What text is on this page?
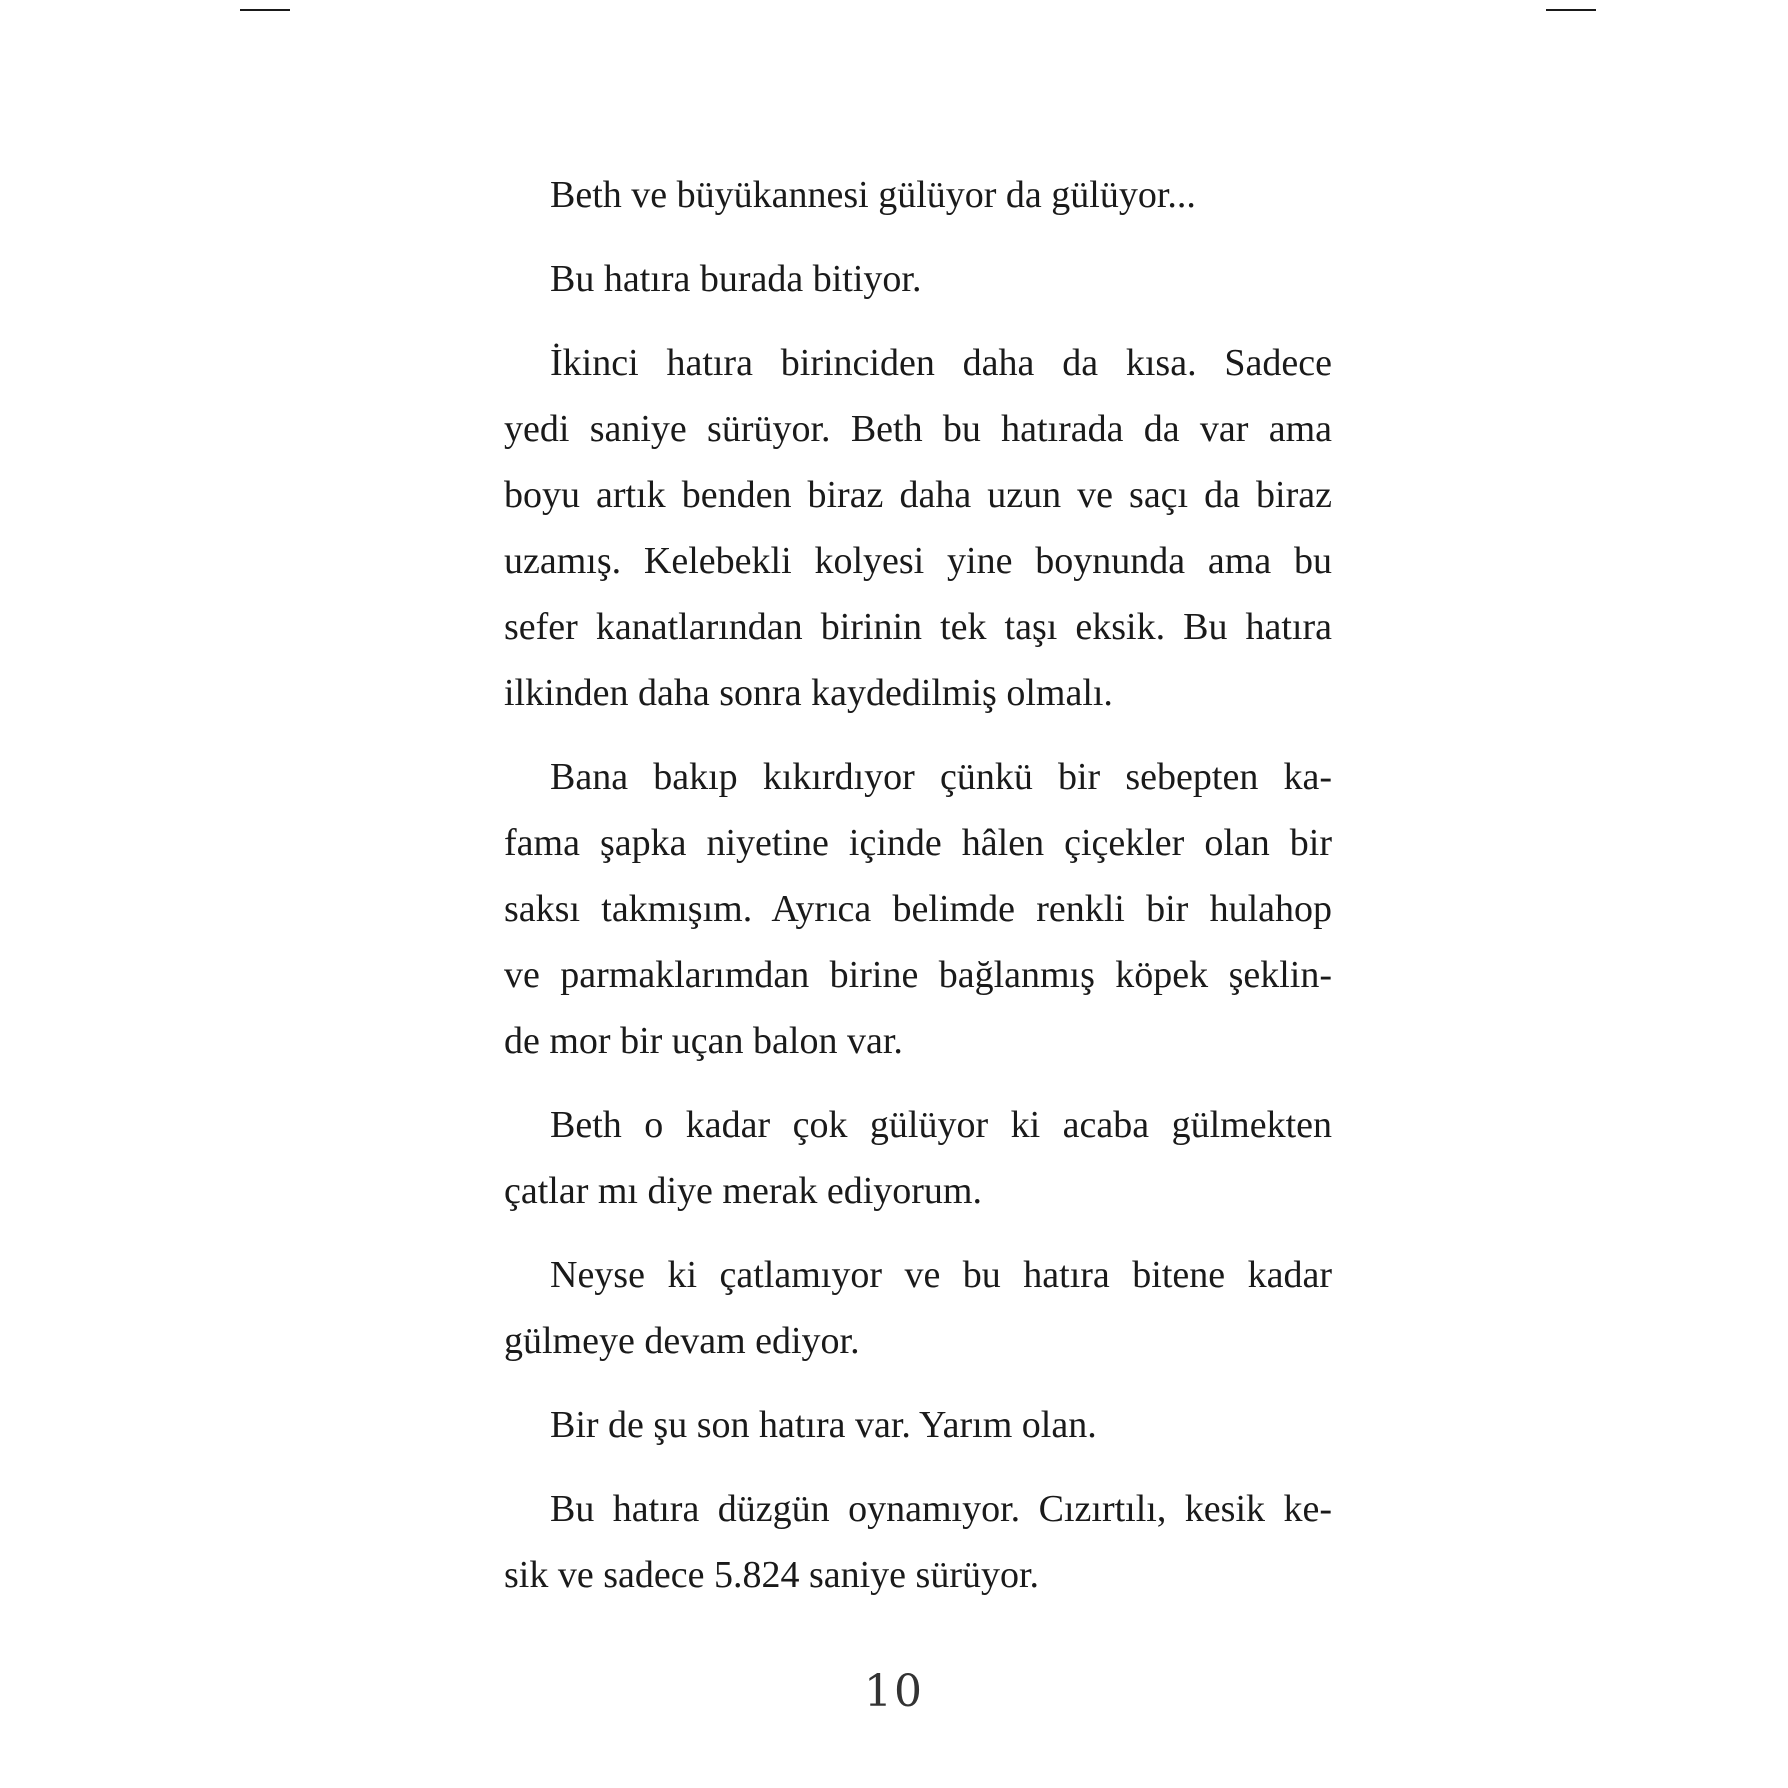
Beth ve büyükannesi gülüyor da gülüyor...

Bu hatıra burada bitiyor.

İkinci hatıra birinciden daha da kısa. Sadece
yedi saniye sürüyor. Beth bu hatırada da var ama
boyu artık benden biraz daha uzun ve saçı da biraz
uzamış. Kelebekli kolyesi yine boynunda ama bu
sefer kanatlarından birinin tek taşı eksik. Bu hatıra
ilkinden daha sonra kaydedilmiş olmalı.

Bana bakıp kıkırdıyor çünkü bir sebepten ka-
fama şapka niyetine içinde hâlen çiçekler olan bir
saksı takmışım. Ayrıca belimde renkli bir hulahop
ve parmaklarımdan birine bağlanmış köpek şeklin-
de mor bir uçan balon var.

Beth o kadar çok gülüyor ki acaba gülmekten
çatlar mı diye merak ediyorum.

Neyse ki çatlamıyor ve bu hatıra bitene kadar
gülmeye devam ediyor.

Bir de şu son hatıra var. Yarım olan.

Bu hatıra düzgün oynamıyor. Cızırtılı, kesik ke-
sik ve sadece 5.824 saniye sürüyor.

10
